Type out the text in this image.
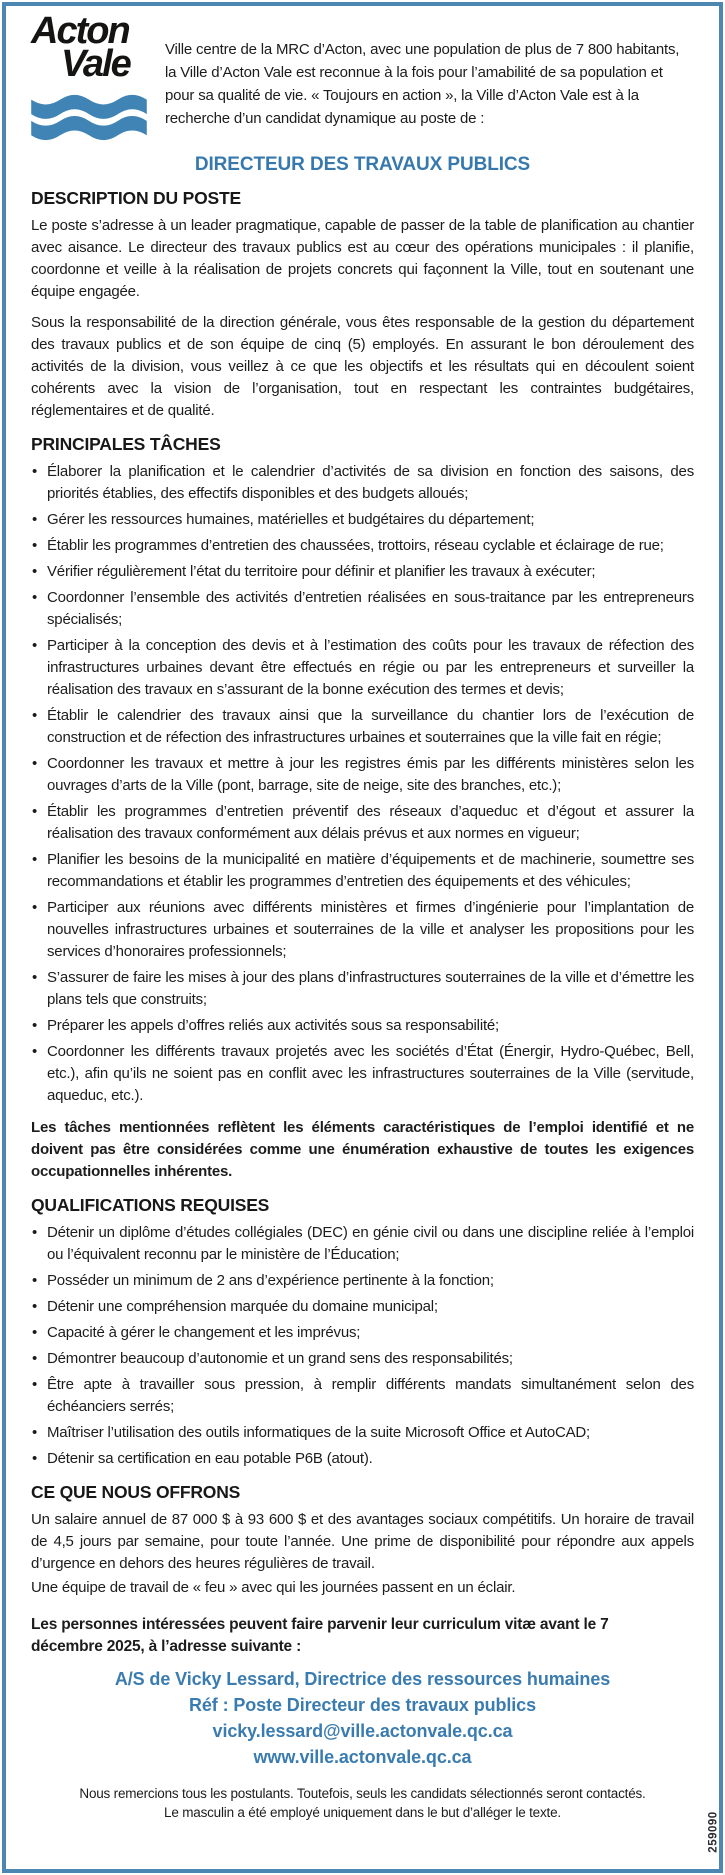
Acton
Vale	Ville centre de la MRC d’Acton, avec une population de plus de 7 800 habitants, la Ville d’Acton Vale est reconnue à la fois pour l’amabilité de sa population et pour sa qualité de vie. « Toujours en action », la Ville d’Acton Vale est à la recherche d’un candidat dynamique au poste de :

DIRECTEUR DES TRAVAUX PUBLICS
DESCRIPTION DU POSTE

Le poste s’adresse à un leader pragmatique, capable de passer de la table de planification au chantier avec aisance. Le directeur des travaux publics est au cœur des opérations municipales : il planifie, coordonne et veille à la réalisation de projets concrets qui façonnent la Ville, tout en soutenant une équipe engagée.

Sous la responsabilité de la direction générale, vous êtes responsable de la gestion du département des travaux publics et de son équipe de cinq (5) employés. En assurant le bon déroulement des activités de la division, vous veillez à ce que les objectifs et les résultats qui en découlent soient cohérents avec la vision de l’organisation, tout en respectant les contraintes budgétaires, réglementaires et de qualité.

PRINCIPALES TÂCHES
• Élaborer la planification et le calendrier d’activités de sa division en fonction des saisons, des priorités établies, des effectifs disponibles et des budgets alloués;
• Gérer les ressources humaines, matérielles et budgétaires du département;
• Établir les programmes d’entretien des chaussées, trottoirs, réseau cyclable et éclairage de rue;
• Vérifier régulièrement l’état du territoire pour définir et planifier les travaux à exécuter;
• Coordonner l’ensemble des activités d’entretien réalisées en sous-traitance par les entrepreneurs spécialisés;
• Participer à la conception des devis et à l’estimation des coûts pour les travaux de réfection des infrastructures urbaines devant être effectués en régie ou par les entrepreneurs et surveiller la réalisation des travaux en s’assurant de la bonne exécution des termes et devis;
• Établir le calendrier des travaux ainsi que la surveillance du chantier lors de l’exécution de construction et de réfection des infrastructures urbaines et souterraines que la ville fait en régie;
• Coordonner les travaux et mettre à jour les registres émis par les différents ministères selon les ouvrages d’arts de la Ville (pont, barrage, site de neige, site des branches, etc.);
• Établir les programmes d’entretien préventif des réseaux d’aqueduc et d’égout et assurer la réalisation des travaux conformément aux délais prévus et aux normes en vigueur;
• Planifier les besoins de la municipalité en matière d’équipements et de machinerie, soumettre ses recommandations et établir les programmes d’entretien des équipements et des véhicules;
• Participer aux réunions avec différents ministères et firmes d’ingénierie pour l’implantation de nouvelles infrastructures urbaines et souterraines de la ville et analyser les propositions pour les services d’honoraires professionnels;
• S’assurer de faire les mises à jour des plans d’infrastructures souterraines de la ville et d’émettre les plans tels que construits;
• Préparer les appels d’offres reliés aux activités sous sa responsabilité;
• Coordonner les différents travaux projetés avec les sociétés d’État (Énergir, Hydro-Québec, Bell, etc.), afin qu’ils ne soient pas en conflit avec les infrastructures souterraines de la Ville (servitude, aqueduc, etc.).

Les tâches mentionnées reflètent les éléments caractéristiques de l’emploi identifié et ne doivent pas être considérées comme une énumération exhaustive de toutes les exigences occupationnelles inhérentes.

QUALIFICATIONS REQUISES
• Détenir un diplôme d’études collégiales (DEC) en génie civil ou dans une discipline reliée à l’emploi ou l’équivalent reconnu par le ministère de l’Éducation;
• Posséder un minimum de 2 ans d’expérience pertinente à la fonction;
• Détenir une compréhension marquée du domaine municipal;
• Capacité à gérer le changement et les imprévus;
• Démontrer beaucoup d’autonomie et un grand sens des responsabilités;
• Être apte à travailler sous pression, à remplir différents mandats simultanément selon des échéanciers serrés;
• Maîtriser l’utilisation des outils informatiques de la suite Microsoft Office et AutoCAD;
• Détenir sa certification en eau potable P6B (atout).
CE QUE NOUS OFFRONS

Un salaire annuel de 87 000 $ à 93 600 $ et des avantages sociaux compétitifs. Un horaire de travail de 4,5 jours par semaine, pour toute l’année. Une prime de disponibilité pour répondre aux appels d’urgence en dehors des heures régulières de travail.

Une équipe de travail de « feu » avec qui les journées passent en un éclair.

Les personnes intéressées peuvent faire parvenir leur curriculum vitæ avant le 7 décembre 2025, à l’adresse suivante :

A/S de Vicky Lessard, Directrice des ressources humaines
Réf : Poste Directeur des travaux publics
vicky.lessard@ville.actonvale.qc.ca
www.ville.actonvale.qc.ca

Nous remercions tous les postulants. Toutefois, seuls les candidats sélectionnés seront contactés.

Le masculin a été employé uniquement dans le but d’alléger le texte.	259090
